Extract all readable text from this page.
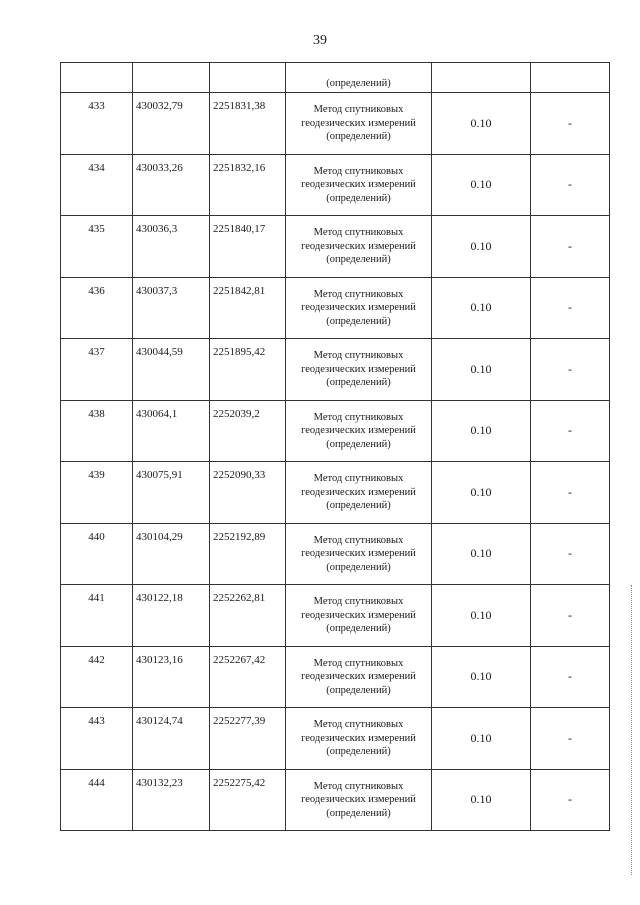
39
			(определений)		
433	430032,79	2251831,38	Метод спутниковых
геодезических измерений
(определений)	0.10	-
434	430033,26	2251832,16	Метод спутниковых
геодезических измерений
(определений)	0.10	-
435	430036,3	2251840,17	Метод спутниковых
геодезических измерений
(определений)	0.10	-
436	430037,3	2251842,81	Метод спутниковых
геодезических измерений
(определений)	0.10	-
437	430044,59	2251895,42	Метод спутниковых
геодезических измерений
(определений)	0.10	-
438	430064,1	2252039,2	Метод спутниковых
геодезических измерений
(определений)	0.10	-
439	430075,91	2252090,33	Метод спутниковых
геодезических измерений
(определений)	0.10	-
440	430104,29	2252192,89	Метод спутниковых
геодезических измерений
(определений)	0.10	-
441	430122,18	2252262,81	Метод спутниковых
геодезических измерений
(определений)	0.10	-
442	430123,16	2252267,42	Метод спутниковых
геодезических измерений
(определений)	0.10	-
443	430124,74	2252277,39	Метод спутниковых
геодезических измерений
(определений)	0.10	-
444	430132,23	2252275,42	Метод спутниковых
геодезических измерений
(определений)	0.10	-
